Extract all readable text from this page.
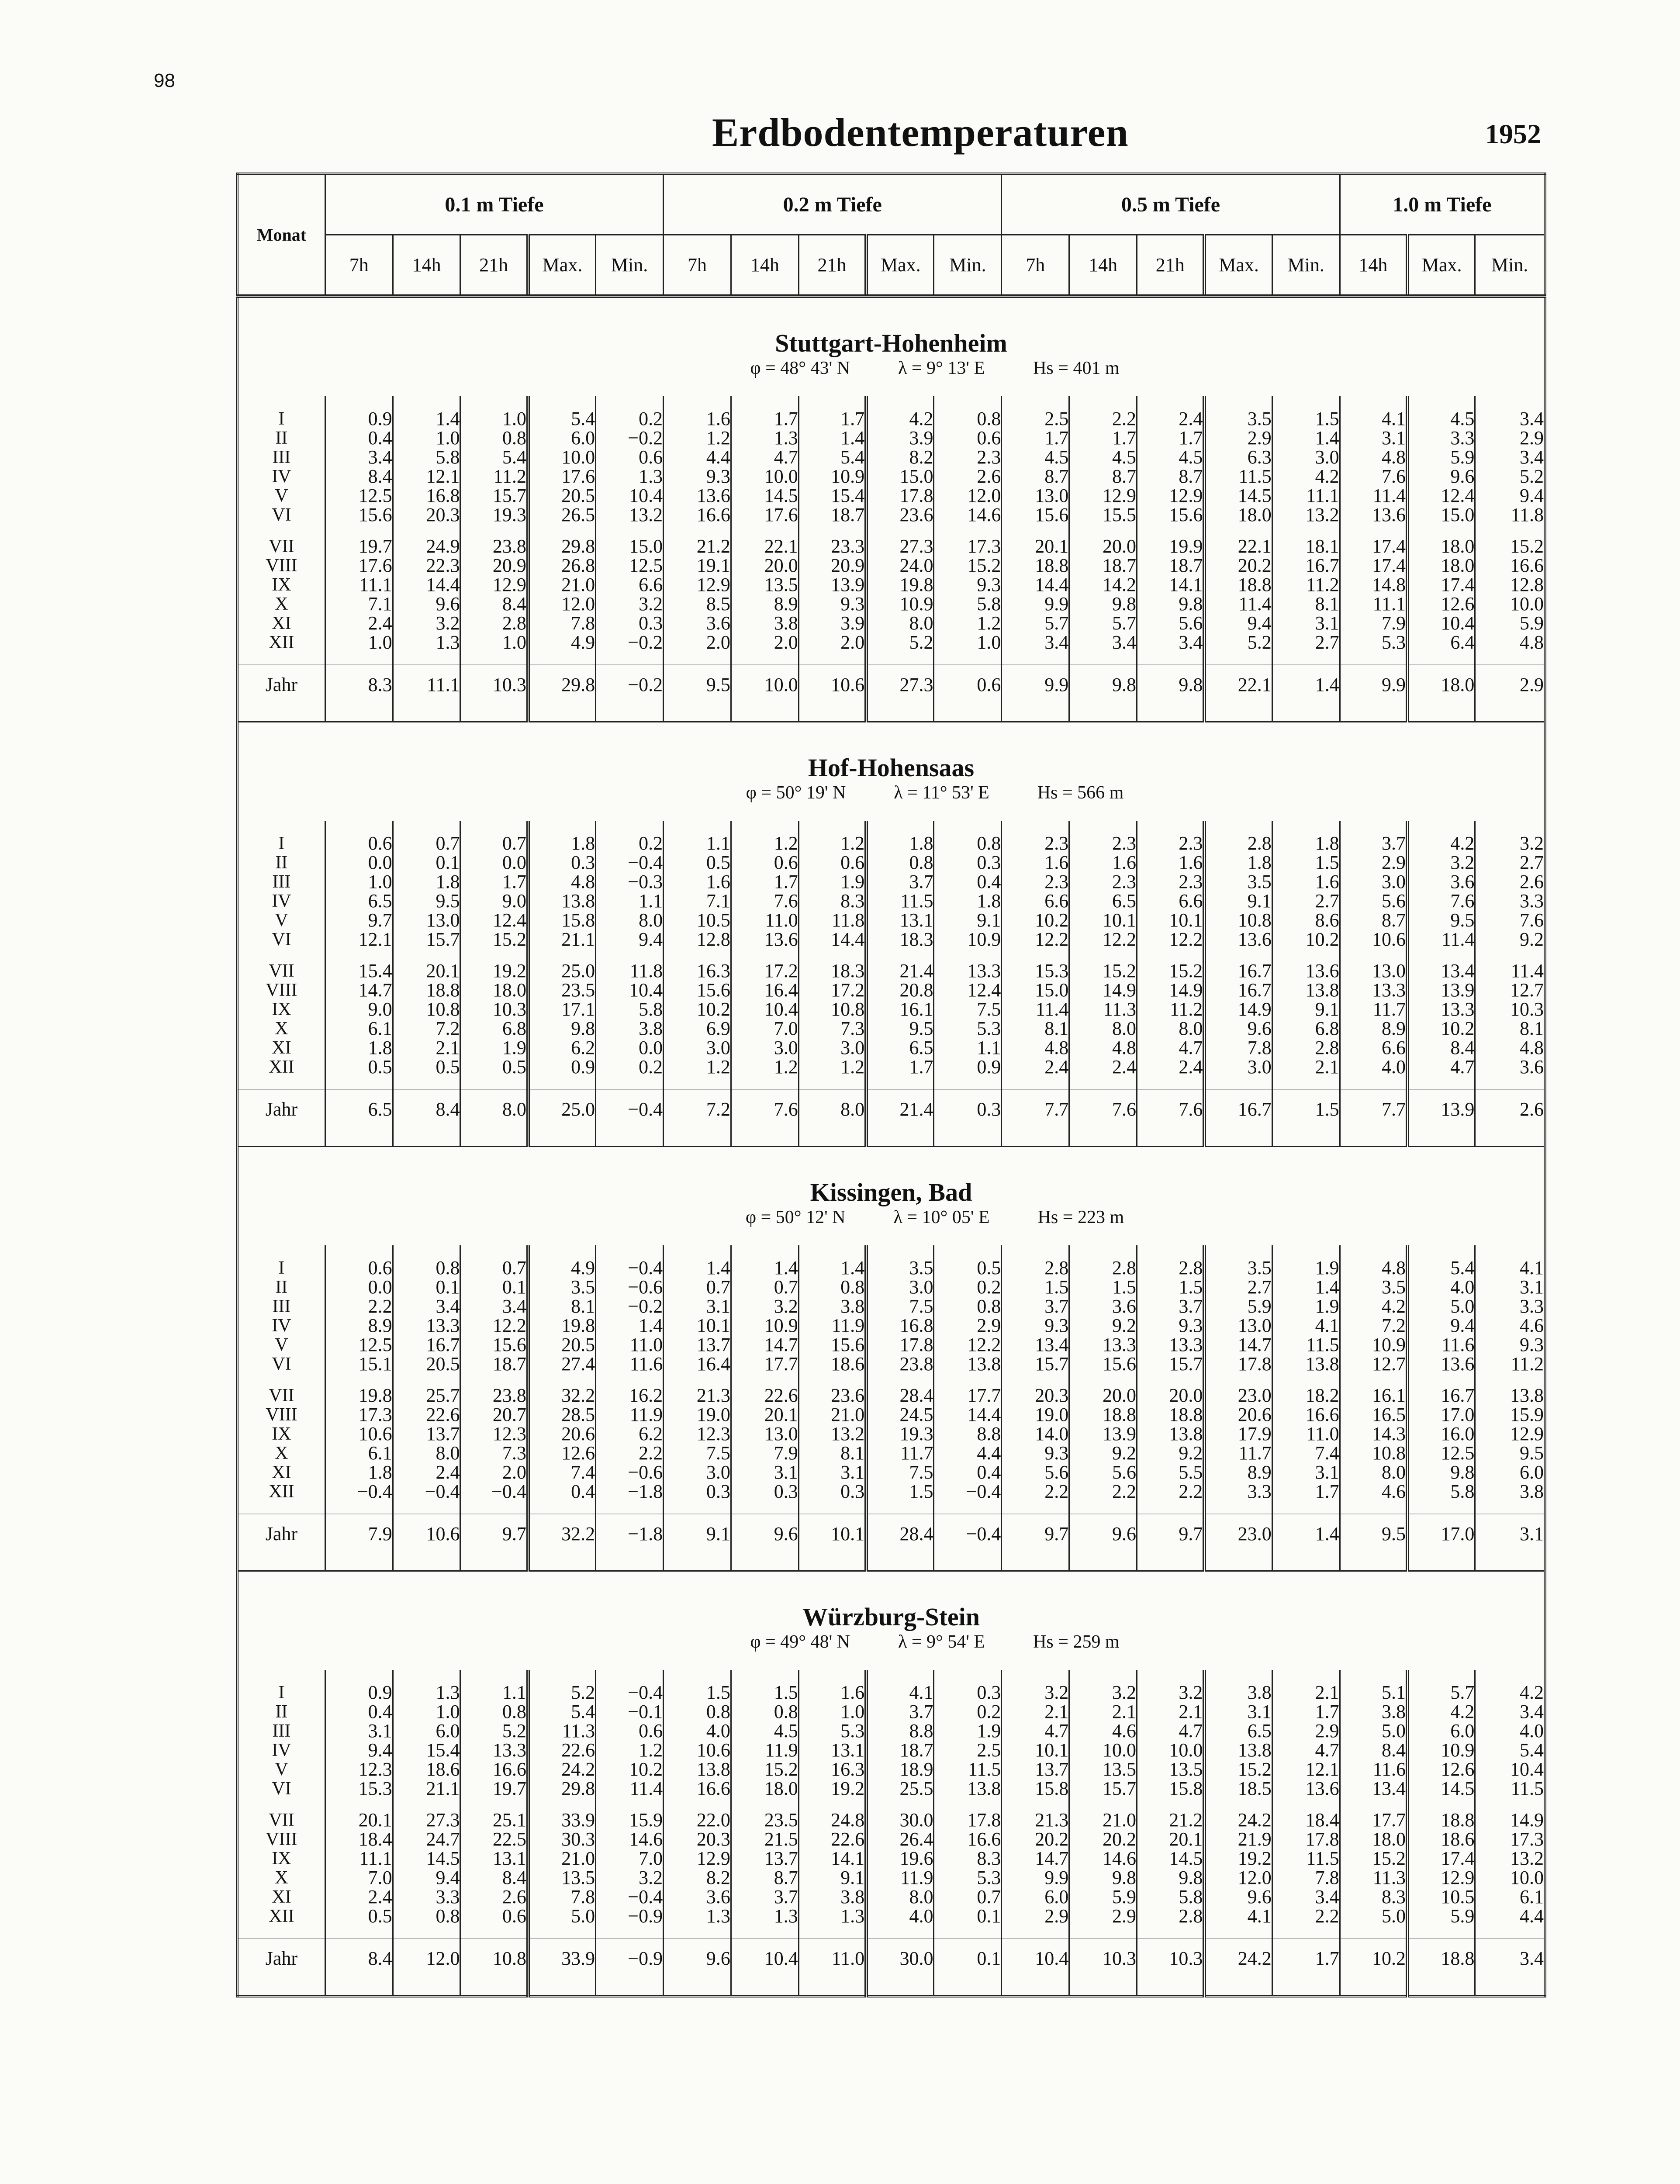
98
Erdbodentemperaturen	1952
Monat	0.1 m Tiefe					0.2 m Tiefe					0.5 m Tiefe					1.0 m Tiefe		
	7h	14h	21h	Max.	Min.	7h	14h	21h	Max.	Min.	7h	14h	21h	Max.	Min.	14h	Max.	Min.

Stuttgart-Hohenheim
φ = 48° 43' N λ = 9° 13' E Hs = 401 m																		

I	0.9	1.4	1.0	5.4	0.2	1.6	1.7	1.7	4.2	0.8	2.5	2.2	2.4	3.5	1.5	4.1	4.5	3.4
II	0.4	1.0	0.8	6.0	−0.2	1.2	1.3	1.4	3.9	0.6	1.7	1.7	1.7	2.9	1.4	3.1	3.3	2.9
III	3.4	5.8	5.4	10.0	0.6	4.4	4.7	5.4	8.2	2.3	4.5	4.5	4.5	6.3	3.0	4.8	5.9	3.4
IV	8.4	12.1	11.2	17.6	1.3	9.3	10.0	10.9	15.0	2.6	8.7	8.7	8.7	11.5	4.2	7.6	9.6	5.2
V	12.5	16.8	15.7	20.5	10.4	13.6	14.5	15.4	17.8	12.0	13.0	12.9	12.9	14.5	11.1	11.4	12.4	9.4
VI	15.6	20.3	19.3	26.5	13.2	16.6	17.6	18.7	23.6	14.6	15.6	15.5	15.6	18.0	13.2	13.6	15.0	11.8

VII	19.7	24.9	23.8	29.8	15.0	21.2	22.1	23.3	27.3	17.3	20.1	20.0	19.9	22.1	18.1	17.4	18.0	15.2
VIII	17.6	22.3	20.9	26.8	12.5	19.1	20.0	20.9	24.0	15.2	18.8	18.7	18.7	20.2	16.7	17.4	18.0	16.6
IX	11.1	14.4	12.9	21.0	6.6	12.9	13.5	13.9	19.8	9.3	14.4	14.2	14.1	18.8	11.2	14.8	17.4	12.8
X	7.1	9.6	8.4	12.0	3.2	8.5	8.9	9.3	10.9	5.8	9.9	9.8	9.8	11.4	8.1	11.1	12.6	10.0
XI	2.4	3.2	2.8	7.8	0.3	3.6	3.8	3.9	8.0	1.2	5.7	5.7	5.6	9.4	3.1	7.9	10.4	5.9
XII	1.0	1.3	1.0	4.9	−0.2	2.0	2.0	2.0	5.2	1.0	3.4	3.4	3.4	5.2	2.7	5.3	6.4	4.8

Jahr	8.3	11.1	10.3	29.8	−0.2	9.5	10.0	10.6	27.3	0.6	9.9	9.8	9.8	22.1	1.4	9.9	18.0	2.9

Hof-Hohensaas
φ = 50° 19' N λ = 11° 53' E Hs = 566 m																		

I	0.6	0.7	0.7	1.8	0.2	1.1	1.2	1.2	1.8	0.8	2.3	2.3	2.3	2.8	1.8	3.7	4.2	3.2
II	0.0	0.1	0.0	0.3	−0.4	0.5	0.6	0.6	0.8	0.3	1.6	1.6	1.6	1.8	1.5	2.9	3.2	2.7
III	1.0	1.8	1.7	4.8	−0.3	1.6	1.7	1.9	3.7	0.4	2.3	2.3	2.3	3.5	1.6	3.0	3.6	2.6
IV	6.5	9.5	9.0	13.8	1.1	7.1	7.6	8.3	11.5	1.8	6.6	6.5	6.6	9.1	2.7	5.6	7.6	3.3
V	9.7	13.0	12.4	15.8	8.0	10.5	11.0	11.8	13.1	9.1	10.2	10.1	10.1	10.8	8.6	8.7	9.5	7.6
VI	12.1	15.7	15.2	21.1	9.4	12.8	13.6	14.4	18.3	10.9	12.2	12.2	12.2	13.6	10.2	10.6	11.4	9.2

VII	15.4	20.1	19.2	25.0	11.8	16.3	17.2	18.3	21.4	13.3	15.3	15.2	15.2	16.7	13.6	13.0	13.4	11.4
VIII	14.7	18.8	18.0	23.5	10.4	15.6	16.4	17.2	20.8	12.4	15.0	14.9	14.9	16.7	13.8	13.3	13.9	12.7
IX	9.0	10.8	10.3	17.1	5.8	10.2	10.4	10.8	16.1	7.5	11.4	11.3	11.2	14.9	9.1	11.7	13.3	10.3
X	6.1	7.2	6.8	9.8	3.8	6.9	7.0	7.3	9.5	5.3	8.1	8.0	8.0	9.6	6.8	8.9	10.2	8.1
XI	1.8	2.1	1.9	6.2	0.0	3.0	3.0	3.0	6.5	1.1	4.8	4.8	4.7	7.8	2.8	6.6	8.4	4.8
XII	0.5	0.5	0.5	0.9	0.2	1.2	1.2	1.2	1.7	0.9	2.4	2.4	2.4	3.0	2.1	4.0	4.7	3.6

Jahr	6.5	8.4	8.0	25.0	−0.4	7.2	7.6	8.0	21.4	0.3	7.7	7.6	7.6	16.7	1.5	7.7	13.9	2.6

Kissingen, Bad
φ = 50° 12' N λ = 10° 05' E Hs = 223 m																		

I	0.6	0.8	0.7	4.9	−0.4	1.4	1.4	1.4	3.5	0.5	2.8	2.8	2.8	3.5	1.9	4.8	5.4	4.1
II	0.0	0.1	0.1	3.5	−0.6	0.7	0.7	0.8	3.0	0.2	1.5	1.5	1.5	2.7	1.4	3.5	4.0	3.1
III	2.2	3.4	3.4	8.1	−0.2	3.1	3.2	3.8	7.5	0.8	3.7	3.6	3.7	5.9	1.9	4.2	5.0	3.3
IV	8.9	13.3	12.2	19.8	1.4	10.1	10.9	11.9	16.8	2.9	9.3	9.2	9.3	13.0	4.1	7.2	9.4	4.6
V	12.5	16.7	15.6	20.5	11.0	13.7	14.7	15.6	17.8	12.2	13.4	13.3	13.3	14.7	11.5	10.9	11.6	9.3
VI	15.1	20.5	18.7	27.4	11.6	16.4	17.7	18.6	23.8	13.8	15.7	15.6	15.7	17.8	13.8	12.7	13.6	11.2

VII	19.8	25.7	23.8	32.2	16.2	21.3	22.6	23.6	28.4	17.7	20.3	20.0	20.0	23.0	18.2	16.1	16.7	13.8
VIII	17.3	22.6	20.7	28.5	11.9	19.0	20.1	21.0	24.5	14.4	19.0	18.8	18.8	20.6	16.6	16.5	17.0	15.9
IX	10.6	13.7	12.3	20.6	6.2	12.3	13.0	13.2	19.3	8.8	14.0	13.9	13.8	17.9	11.0	14.3	16.0	12.9
X	6.1	8.0	7.3	12.6	2.2	7.5	7.9	8.1	11.7	4.4	9.3	9.2	9.2	11.7	7.4	10.8	12.5	9.5
XI	1.8	2.4	2.0	7.4	−0.6	3.0	3.1	3.1	7.5	0.4	5.6	5.6	5.5	8.9	3.1	8.0	9.8	6.0
XII	−0.4	−0.4	−0.4	0.4	−1.8	0.3	0.3	0.3	1.5	−0.4	2.2	2.2	2.2	3.3	1.7	4.6	5.8	3.8

Jahr	7.9	10.6	9.7	32.2	−1.8	9.1	9.6	10.1	28.4	−0.4	9.7	9.6	9.7	23.0	1.4	9.5	17.0	3.1

Würzburg-Stein
φ = 49° 48' N λ = 9° 54' E Hs = 259 m																		

I	0.9	1.3	1.1	5.2	−0.4	1.5	1.5	1.6	4.1	0.3	3.2	3.2	3.2	3.8	2.1	5.1	5.7	4.2
II	0.4	1.0	0.8	5.4	−0.1	0.8	0.8	1.0	3.7	0.2	2.1	2.1	2.1	3.1	1.7	3.8	4.2	3.4
III	3.1	6.0	5.2	11.3	0.6	4.0	4.5	5.3	8.8	1.9	4.7	4.6	4.7	6.5	2.9	5.0	6.0	4.0
IV	9.4	15.4	13.3	22.6	1.2	10.6	11.9	13.1	18.7	2.5	10.1	10.0	10.0	13.8	4.7	8.4	10.9	5.4
V	12.3	18.6	16.6	24.2	10.2	13.8	15.2	16.3	18.9	11.5	13.7	13.5	13.5	15.2	12.1	11.6	12.6	10.4
VI	15.3	21.1	19.7	29.8	11.4	16.6	18.0	19.2	25.5	13.8	15.8	15.7	15.8	18.5	13.6	13.4	14.5	11.5

VII	20.1	27.3	25.1	33.9	15.9	22.0	23.5	24.8	30.0	17.8	21.3	21.0	21.2	24.2	18.4	17.7	18.8	14.9
VIII	18.4	24.7	22.5	30.3	14.6	20.3	21.5	22.6	26.4	16.6	20.2	20.2	20.1	21.9	17.8	18.0	18.6	17.3
IX	11.1	14.5	13.1	21.0	7.0	12.9	13.7	14.1	19.6	8.3	14.7	14.6	14.5	19.2	11.5	15.2	17.4	13.2
X	7.0	9.4	8.4	13.5	3.2	8.2	8.7	9.1	11.9	5.3	9.9	9.8	9.8	12.0	7.8	11.3	12.9	10.0
XI	2.4	3.3	2.6	7.8	−0.4	3.6	3.7	3.8	8.0	0.7	6.0	5.9	5.8	9.6	3.4	8.3	10.5	6.1
XII	0.5	0.8	0.6	5.0	−0.9	1.3	1.3	1.3	4.0	0.1	2.9	2.9	2.8	4.1	2.2	5.0	5.9	4.4

Jahr	8.4	12.0	10.8	33.9	−0.9	9.6	10.4	11.0	30.0	0.1	10.4	10.3	10.3	24.2	1.7	10.2	18.8	3.4
